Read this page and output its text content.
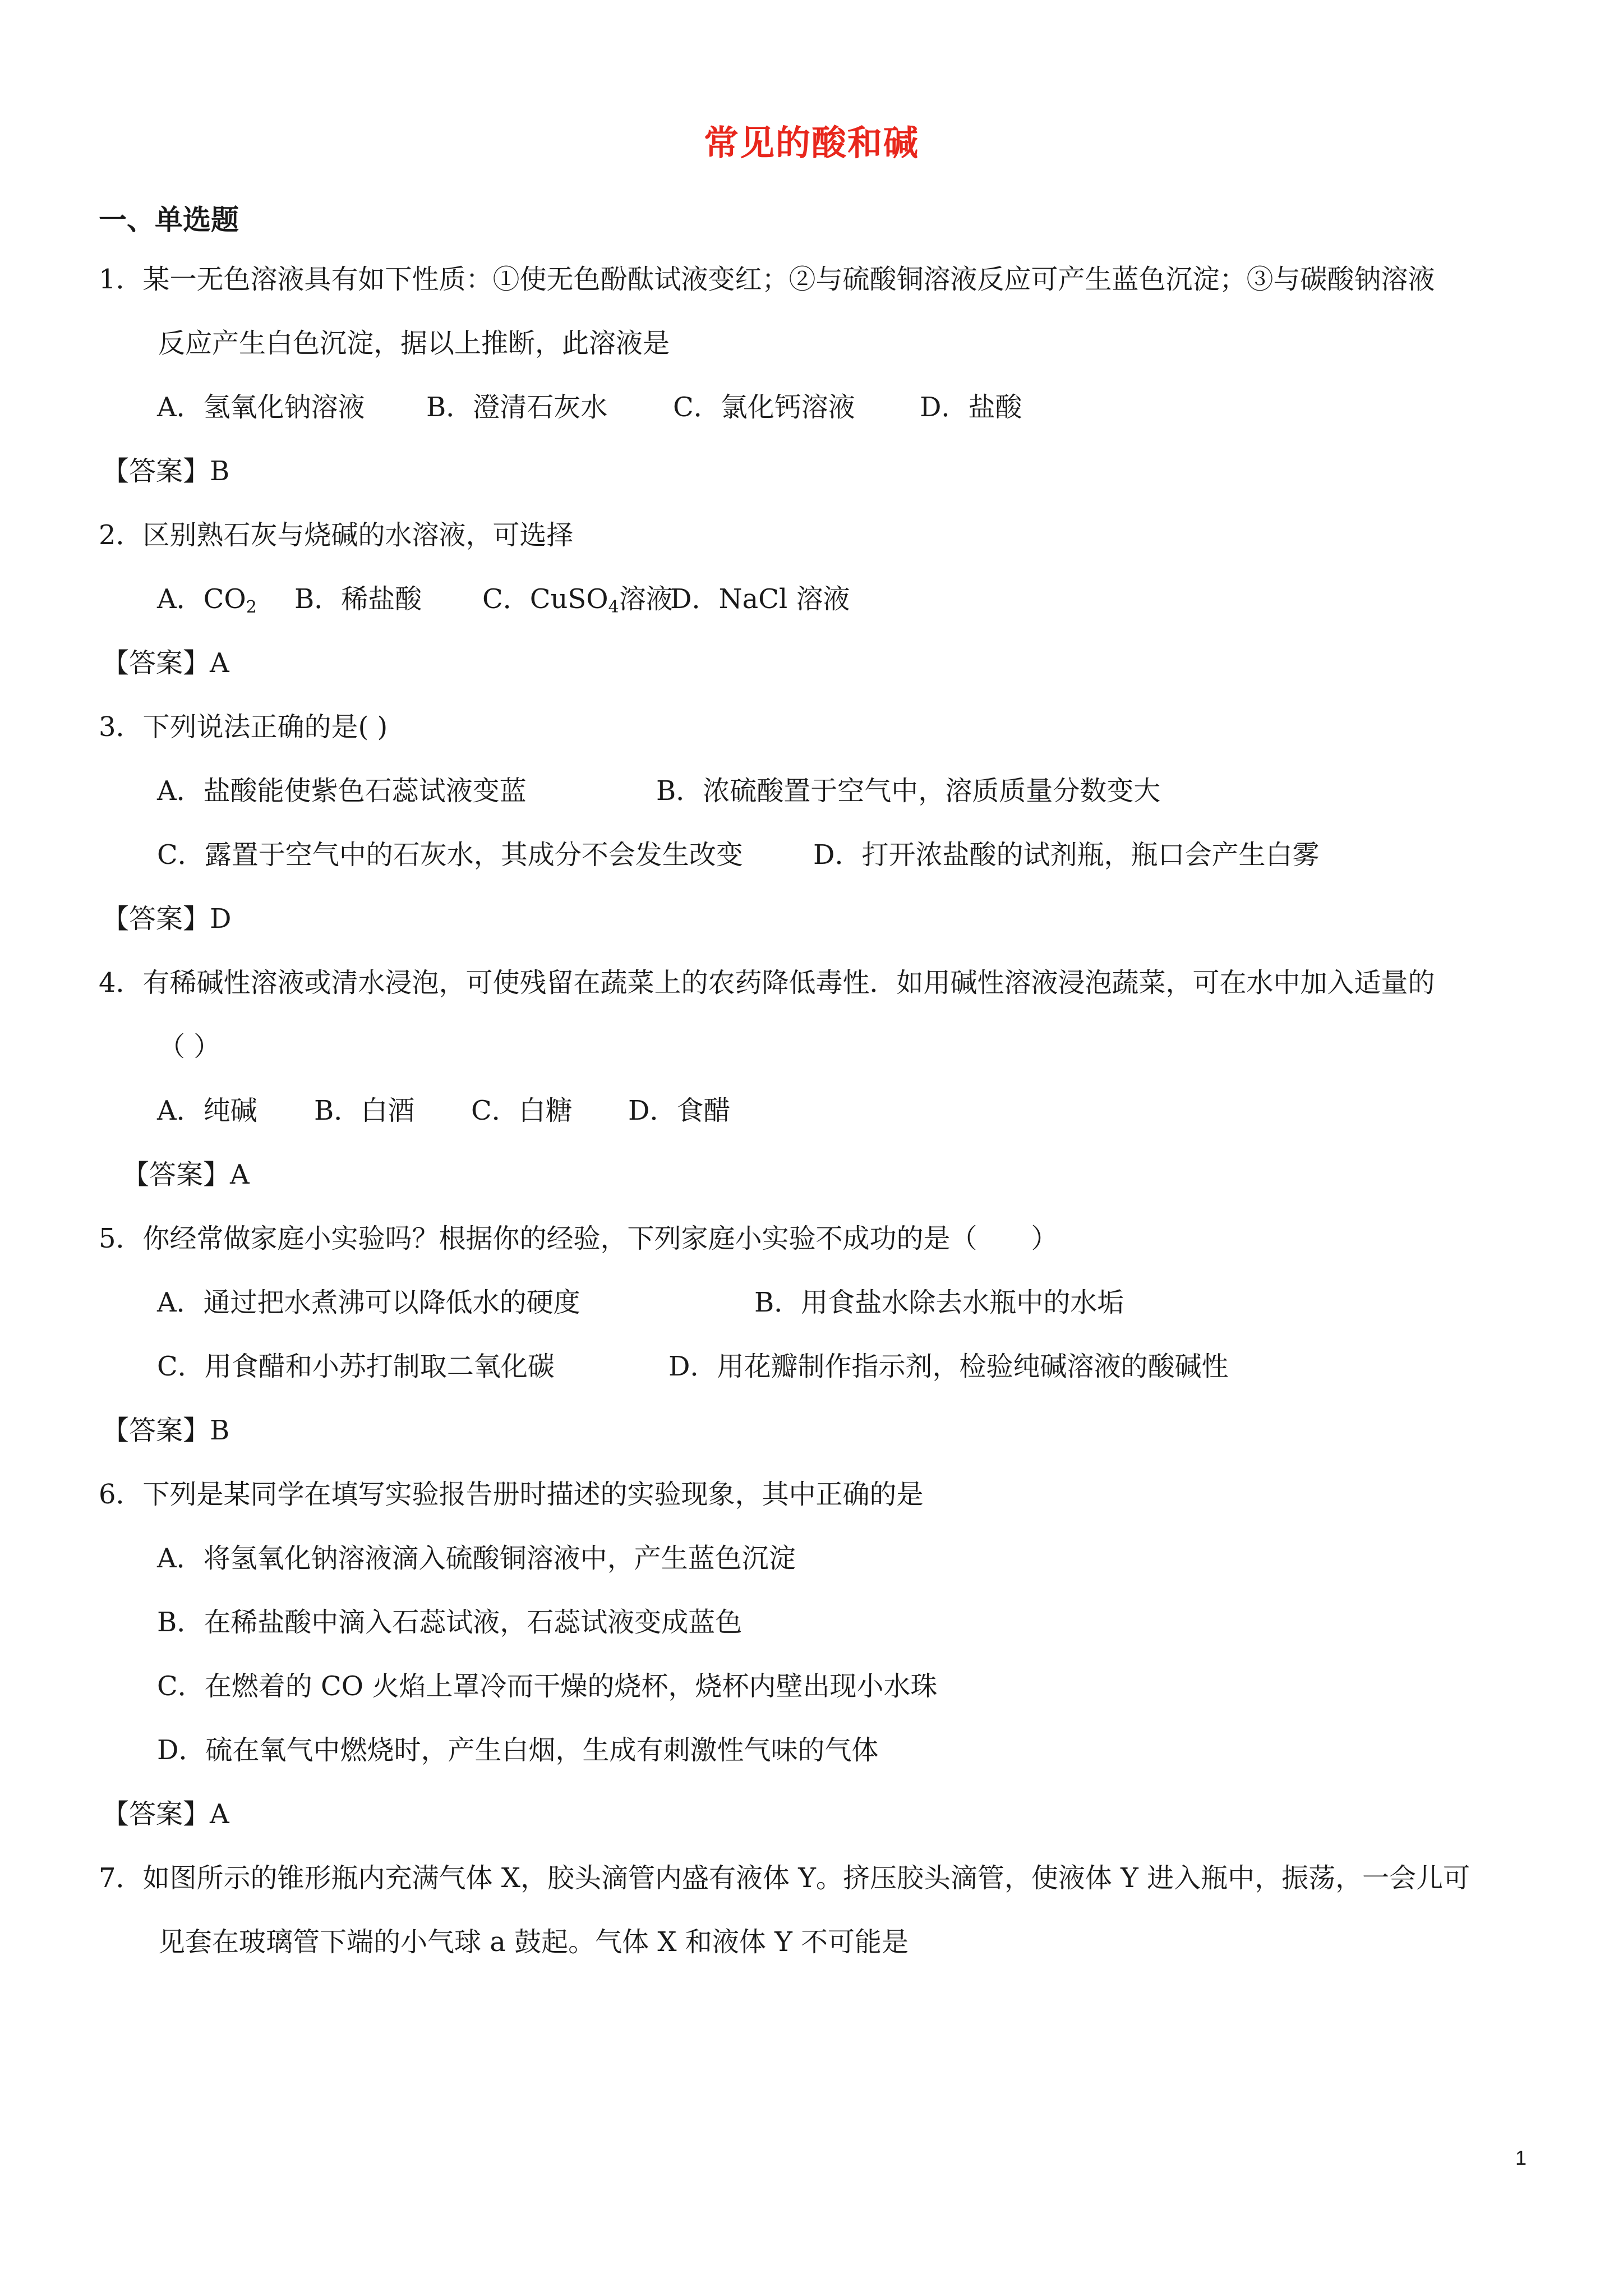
常见的酸和碱
一、单选题
1．某一无色溶液具有如下性质：①使无色酚酞试液变红；②与硫酸铜溶液反应可产生蓝色沉淀；③与碳酸钠溶液
反应产生白色沉淀，据以上推断，此溶液是
A．氢氧化钠溶液 B．澄清石灰水 C．氯化钙溶液 D．盐酸
【答案】B
2．区别熟石灰与烧碱的水溶液，可选择
A．$CO_2$ B．稀盐酸 C．CuSO$_4$溶液D．NaCl 溶液
【答案】A
3．下列说法正确的是( )
A．盐酸能使紫色石蕊试液变蓝	B．浓硫酸置于空气中，溶质质量分数变大
C．露置于空气中的石灰水，其成分不会发生改变	D．打开浓盐酸的试剂瓶，瓶口会产生白雾
【答案】D
4．有稀碱性溶液或清水浸泡，可使残留在蔬菜上的农药降低毒性．如用碱性溶液浸泡蔬菜，可在水中加入适量的
（ ）
A．纯碱 B．白酒 C．白糖 D．食醋
【答案】A
5．你经常做家庭小实验吗？根据你的经验，下列家庭小实验不成功的是（　　）
A．通过把水煮沸可以降低水的硬度	B．用食盐水除去水瓶中的水垢
C．用食醋和小苏打制取二氧化碳	D．用花瓣制作指示剂，检验纯碱溶液的酸碱性
【答案】B
6．下列是某同学在填写实验报告册时描述的实验现象，其中正确的是
A．将氢氧化钠溶液滴入硫酸铜溶液中，产生蓝色沉淀
B．在稀盐酸中滴入石蕊试液，石蕊试液变成蓝色
C．在燃着的 CO 火焰上罩冷而干燥的烧杯，烧杯内壁出现小水珠
D．硫在氧气中燃烧时，产生白烟，生成有刺激性气味的气体
【答案】A
7．如图所示的锥形瓶内充满气体 X，胶头滴管内盛有液体 Y。挤压胶头滴管，使液体 Y 进入瓶中，振荡，一会儿可
见套在玻璃管下端的小气球 a 鼓起。气体 X 和液体 Y 不可能是
1
